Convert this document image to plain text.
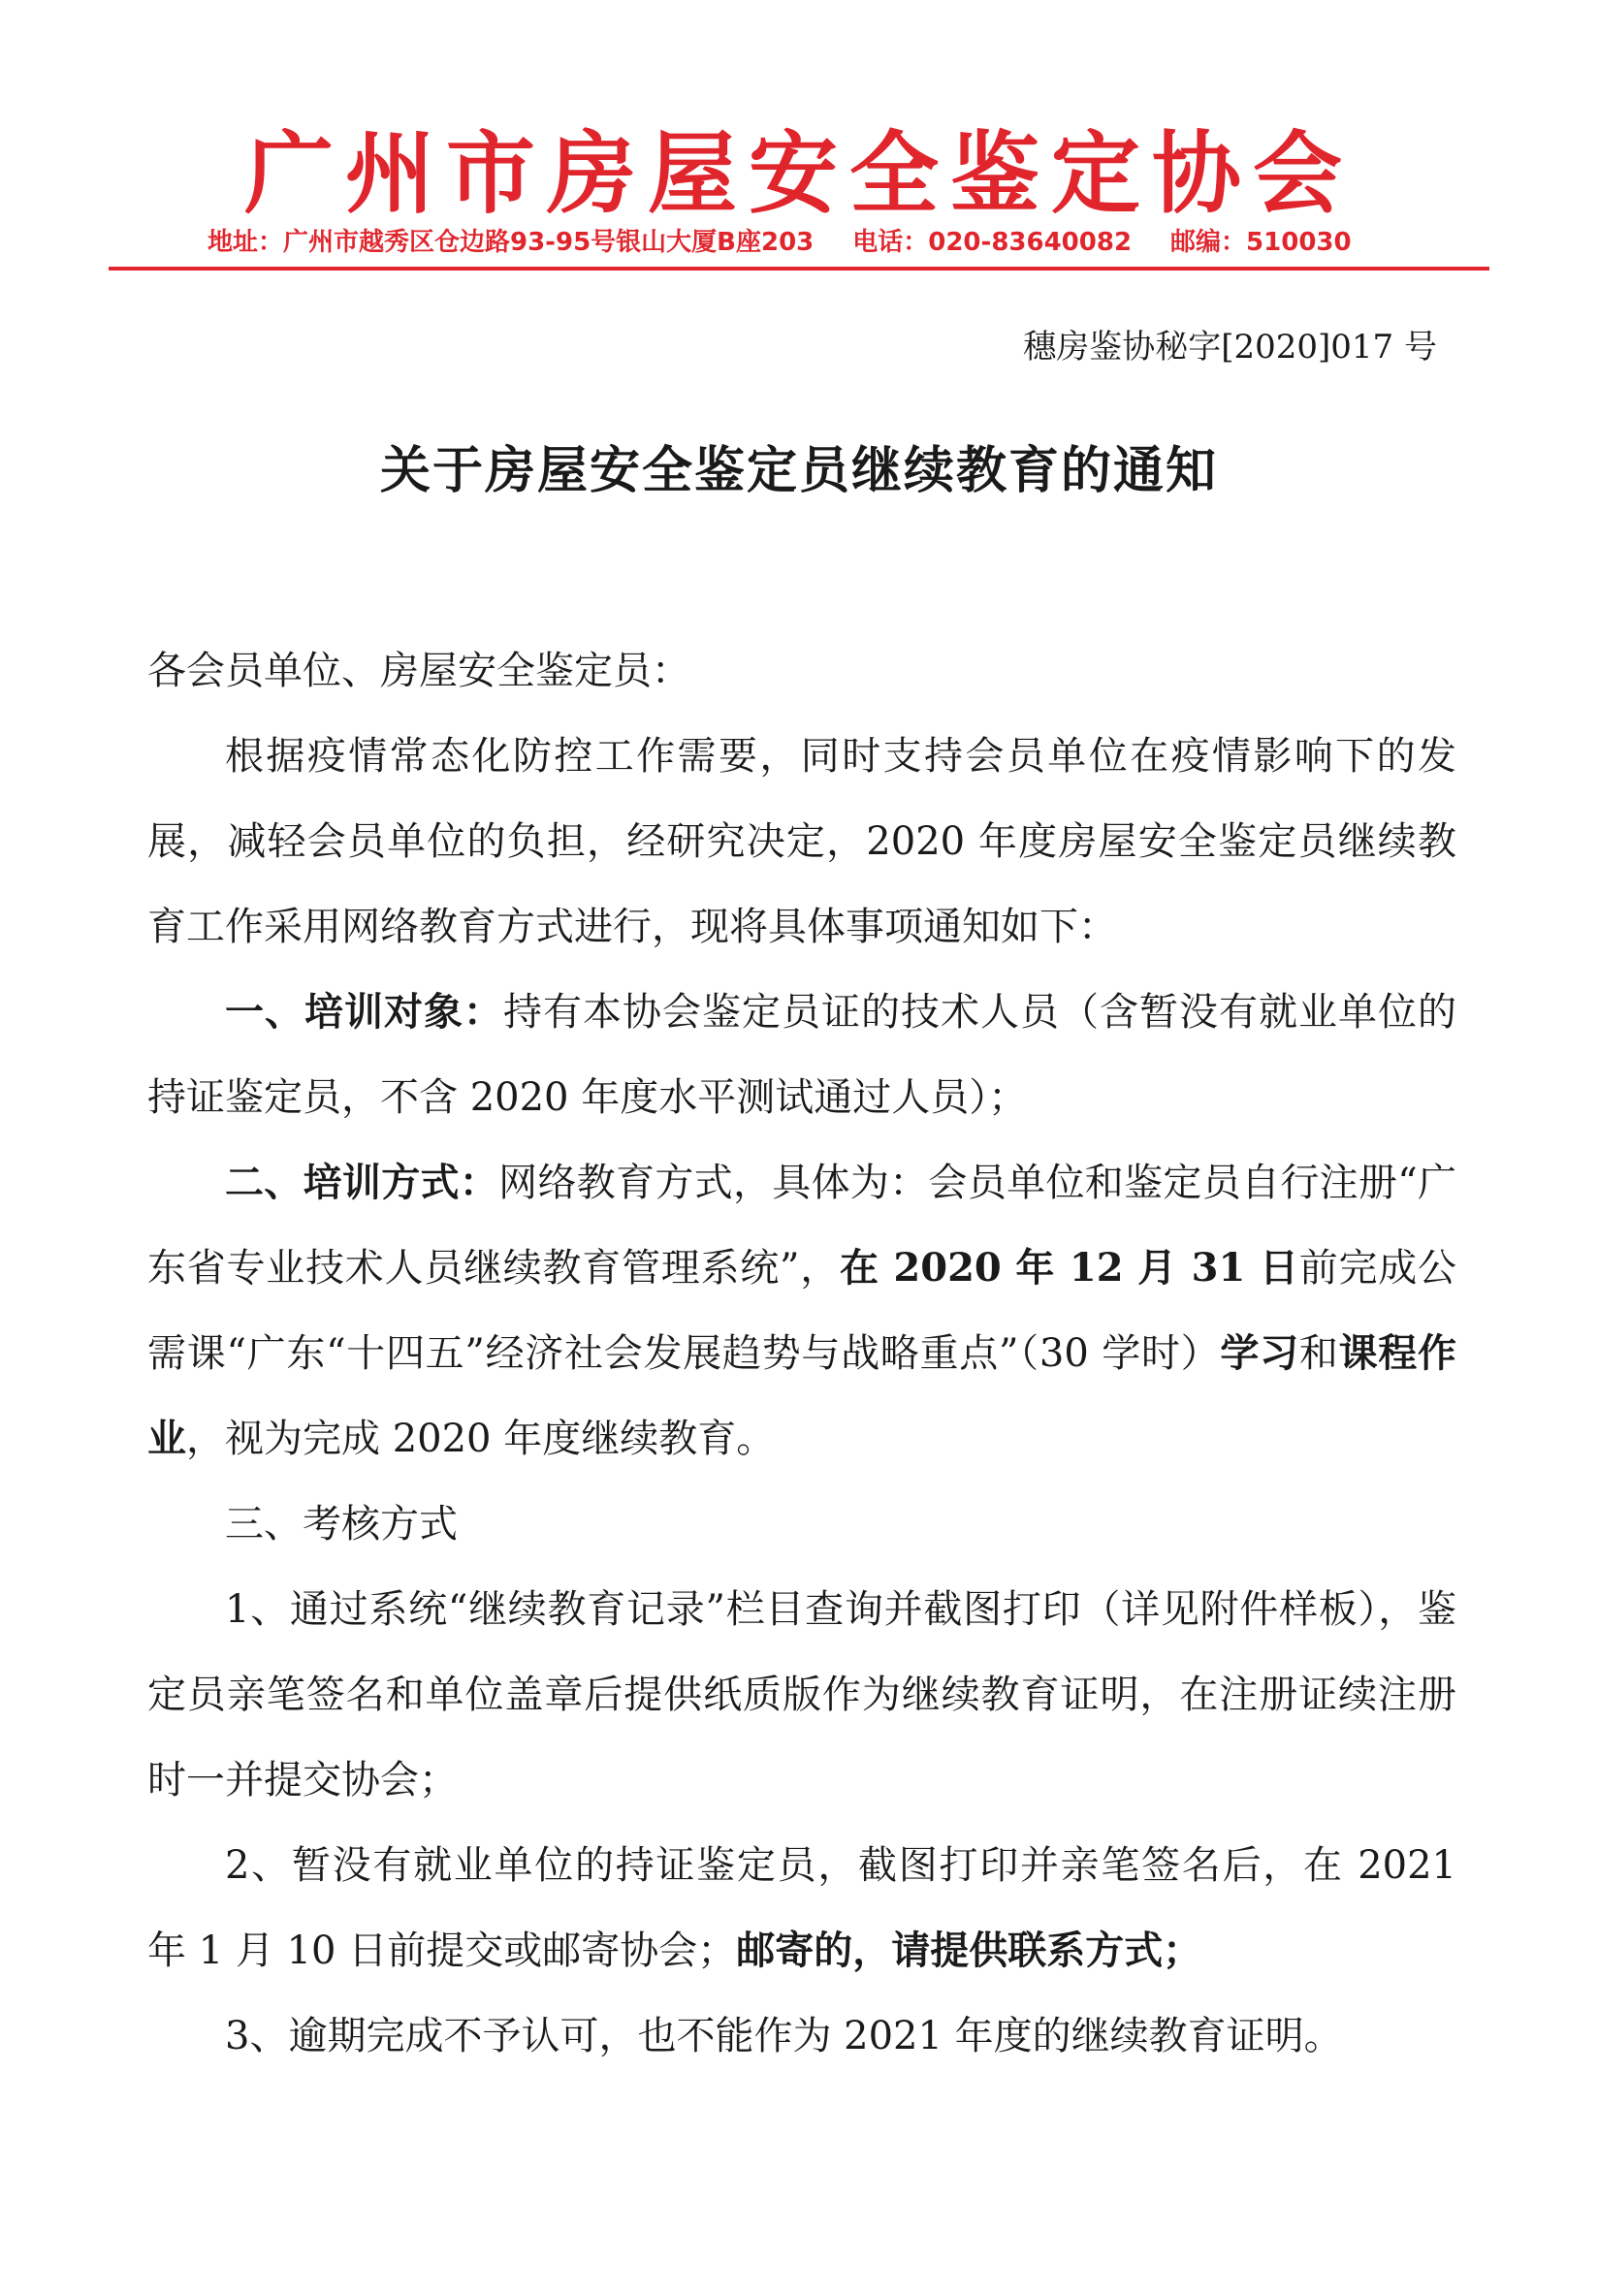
广州市房屋安全鉴定协会
地址：广州市越秀区仓边路93-95号银山大厦B座203 电话：020-83640082 邮编：510030
穗房鉴协秘字[2020]017 号
关于房屋安全鉴定员继续教育的通知

各会员单位、房屋安全鉴定员：

根据疫情常态化防控工作需要，同时支持会员单位在疫情影响下的发展，减轻会员单位的负担，经研究决定，2020 年度房屋安全鉴定员继续教育工作采用网络教育方式进行，现将具体事项通知如下：

一、培训对象：持有本协会鉴定员证的技术人员（含暂没有就业单位的持证鉴定员，不含 2020 年度水平测试通过人员）；

二、培训方式：网络教育方式，具体为：会员单位和鉴定员自行注册“广东省专业技术人员继续教育管理系统”，在 2020 年 12 月 31 日前完成公需课“广东“十四五”经济社会发展趋势与战略重点”（30 学时）学习和课程作业，视为完成 2020 年度继续教育。

三、考核方式

1、通过系统“继续教育记录”栏目查询并截图打印（详见附件样板），鉴定员亲笔签名和单位盖章后提供纸质版作为继续教育证明，在注册证续注册时一并提交协会；

2、暂没有就业单位的持证鉴定员，截图打印并亲笔签名后，在 2021 年 1 月 10 日前提交或邮寄协会；邮寄的，请提供联系方式；

3、逾期完成不予认可，也不能作为 2021 年度的继续教育证明。
